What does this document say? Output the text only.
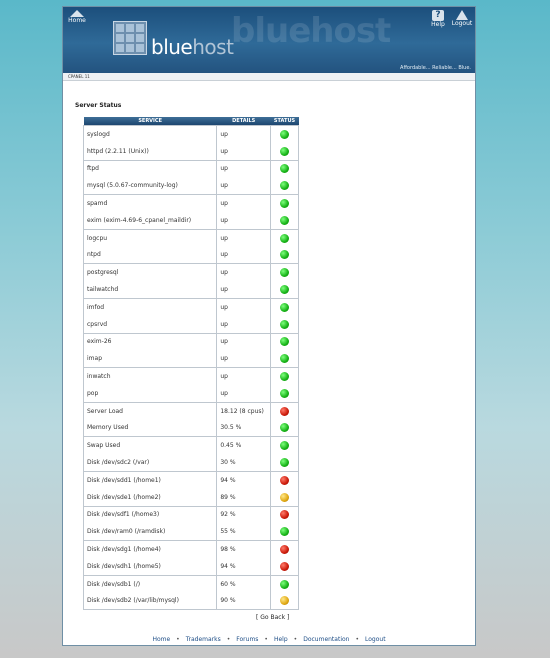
bluehost
Home
?
Help Logout
bluehost
Affordable... Reliable... Blue.
CPANEL 11
Server Status
SERVICE	DETAILS	STATUS
syslogd	up	
httpd (2.2.11 (Unix))	up	
ftpd	up	
mysql (5.0.67-community-log)	up	
spamd	up	
exim (exim-4.69-6_cpanel_maildir)	up	
logcpu	up	
ntpd	up	
postgresql	up	
tailwatchd	up	
imfod	up	
cpsrvd	up	
exim-26	up	
imap	up	
inwatch	up	
pop	up	
Server Load	18.12 (8 cpus)	
Memory Used	30.5 %	
Swap Used	0.45 %	
Disk /dev/sdc2 (/var)	30 %	
Disk /dev/sdd1 (/home1)	94 %	
Disk /dev/sde1 (/home2)	89 %	
Disk /dev/sdf1 (/home3)	92 %	
Disk /dev/ram0 (/ramdisk)	55 %	
Disk /dev/sdg1 (/home4)	98 %	
Disk /dev/sdh1 (/home5)	94 %	
Disk /dev/sdb1 (/)	60 %	
Disk /dev/sdb2 (/var/lib/mysql)	90 %	
[ Go Back ]
Home • Trademarks • Forums • Help • Documentation • Logout
